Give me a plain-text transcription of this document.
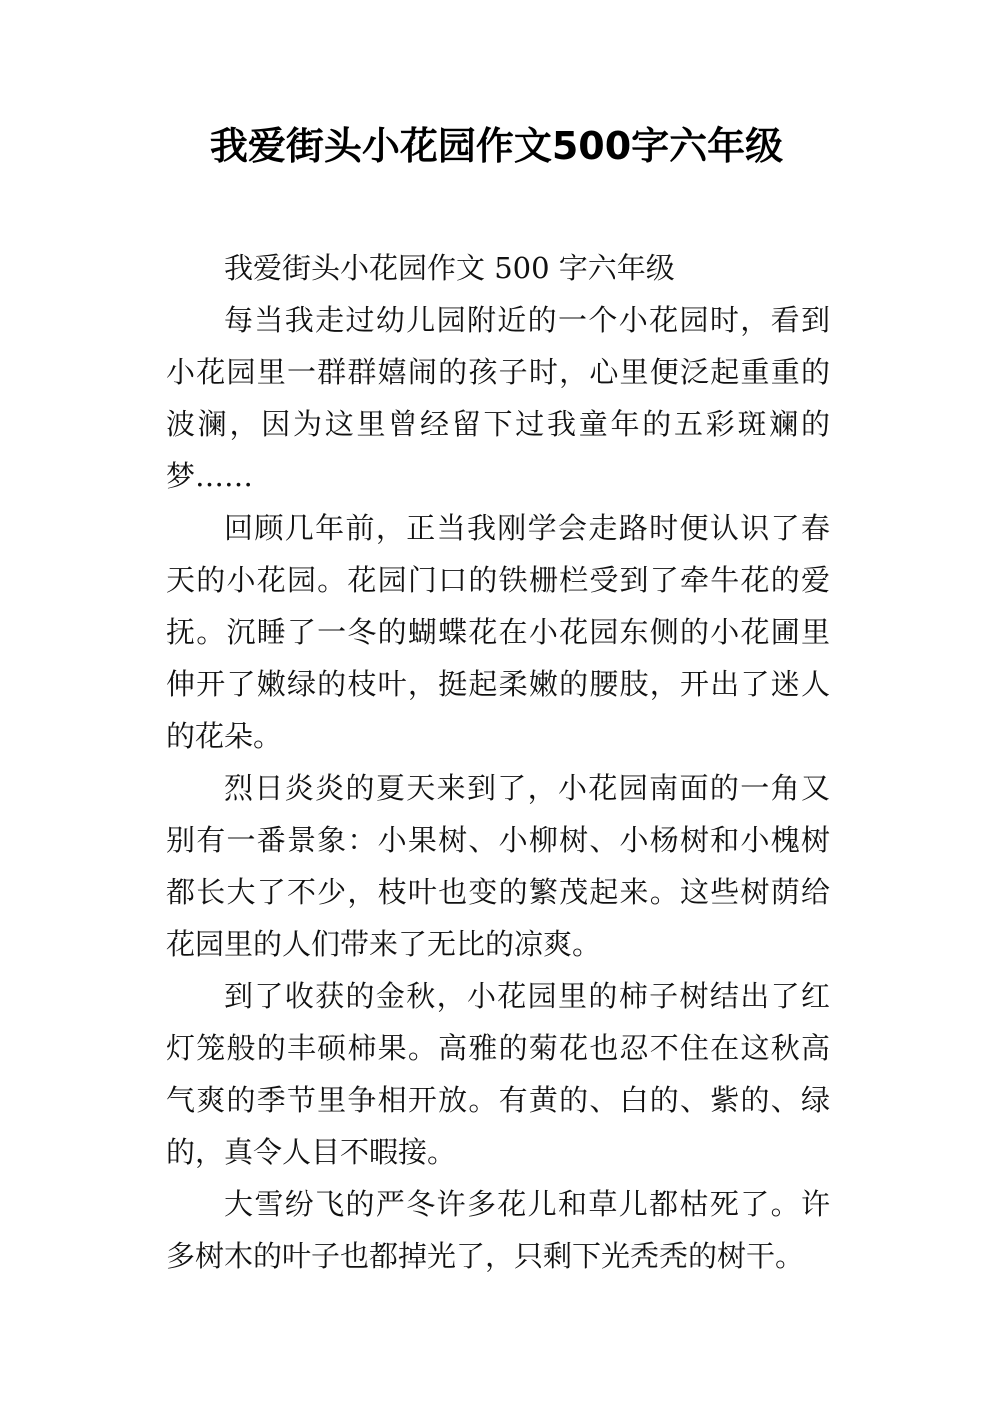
我爱街头小花园作文500字六年级

我爱街头小花园作文 500 字六年级

每当我走过幼儿园附近的一个小花园时，看到小花园里一群群嬉闹的孩子时，心里便泛起重重的波澜，因为这里曾经留下过我童年的五彩斑斓的梦……

回顾几年前，正当我刚学会走路时便认识了春天的小花园。花园门口的铁栅栏受到了牵牛花的爱抚。沉睡了一冬的蝴蝶花在小花园东侧的小花圃里伸开了嫩绿的枝叶，挺起柔嫩的腰肢，开出了迷人的花朵。

烈日炎炎的夏天来到了，小花园南面的一角又别有一番景象：小果树、小柳树、小杨树和小槐树都长大了不少，枝叶也变的繁茂起来。这些树荫给花园里的人们带来了无比的凉爽。

到了收获的金秋，小花园里的柿子树结出了红灯笼般的丰硕柿果。高雅的菊花也忍不住在这秋高气爽的季节里争相开放。有黄的、白的、紫的、绿的，真令人目不暇接。

大雪纷飞的严冬许多花儿和草儿都枯死了。许多树木的叶子也都掉光了，只剩下光秃秃的树干。
